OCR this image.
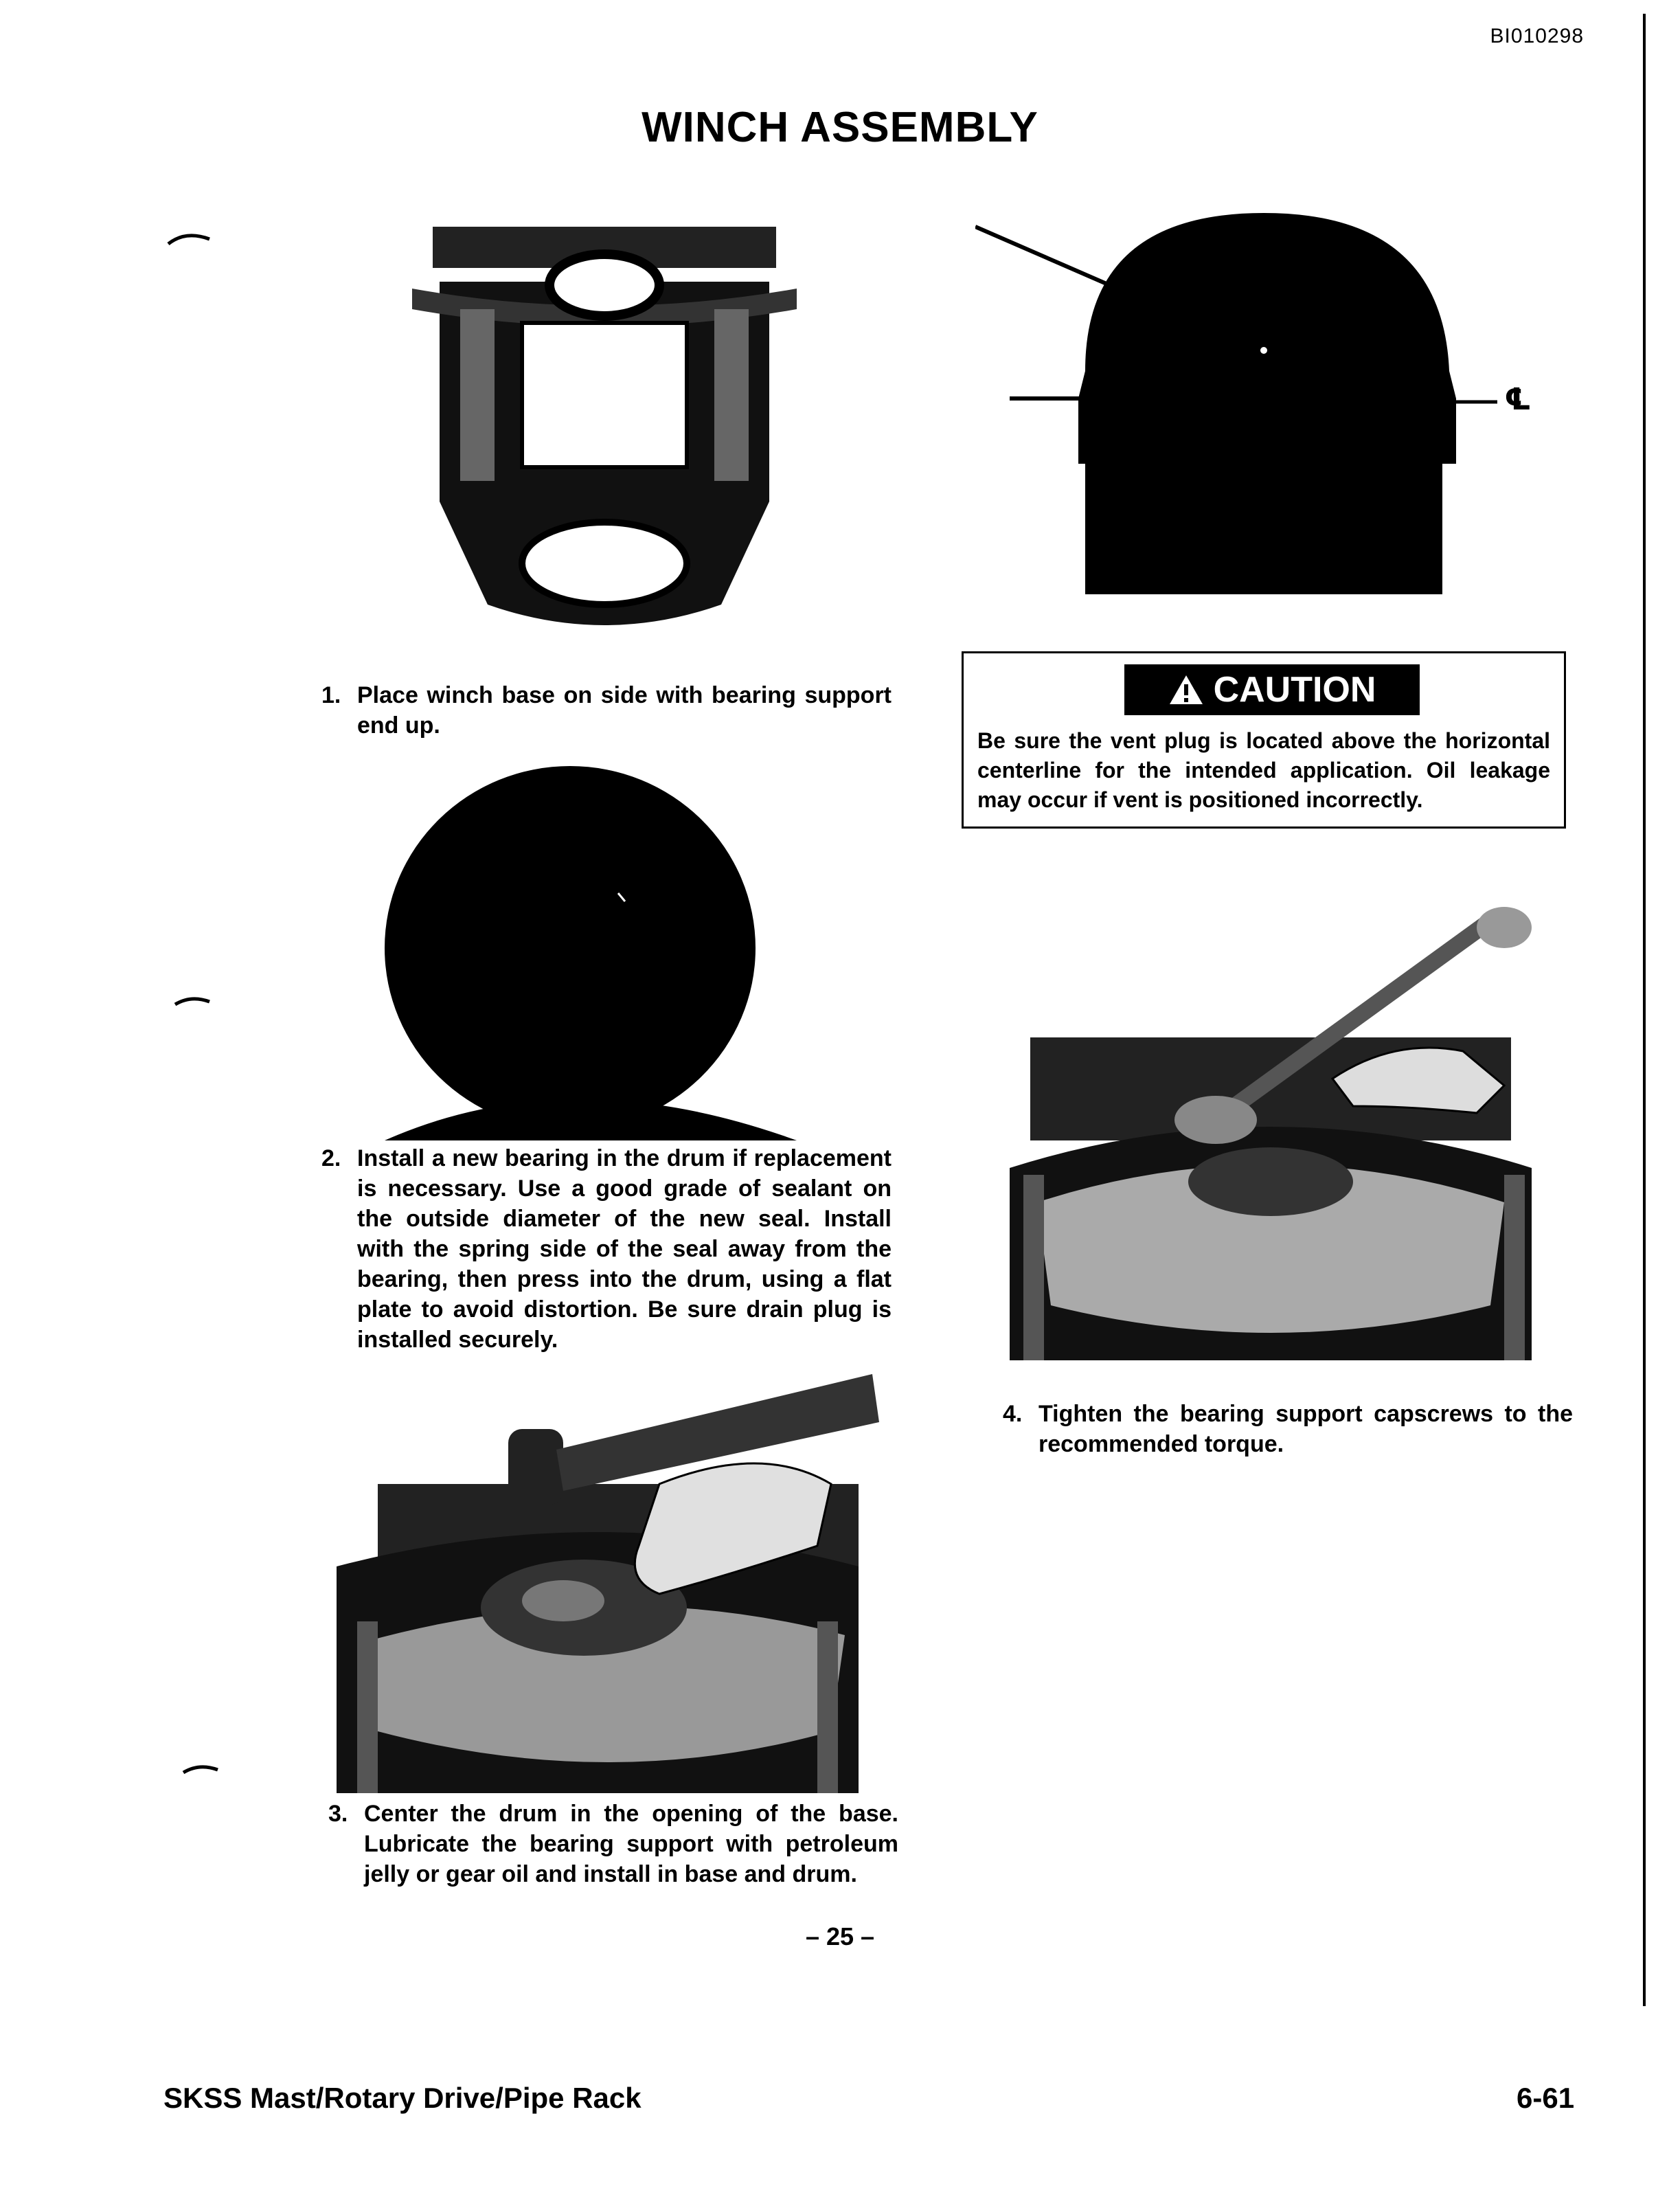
BI010298
WINCH ASSEMBLY
℄
1. Place winch base on side with bearing support end up.
CAUTION
Be sure the vent plug is located above the horizontal centerline for the intended application. Oil leakage may occur if vent is positioned incorrectly.
2. Install a new bearing in the drum if replacement is necessary. Use a good grade of sealant on the outside diameter of the new seal. Install with the spring side of the seal away from the bearing, then press into the drum, using a flat plate to avoid distortion. Be sure drain plug is installed securely.
4. Tighten the bearing support capscrews to the recommended torque.
3. Center the drum in the opening of the base. Lubricate the bearing support with petroleum jelly or gear oil and install in base and drum.
– 25 –
SKSS Mast/Rotary Drive/Pipe Rack	6-61
